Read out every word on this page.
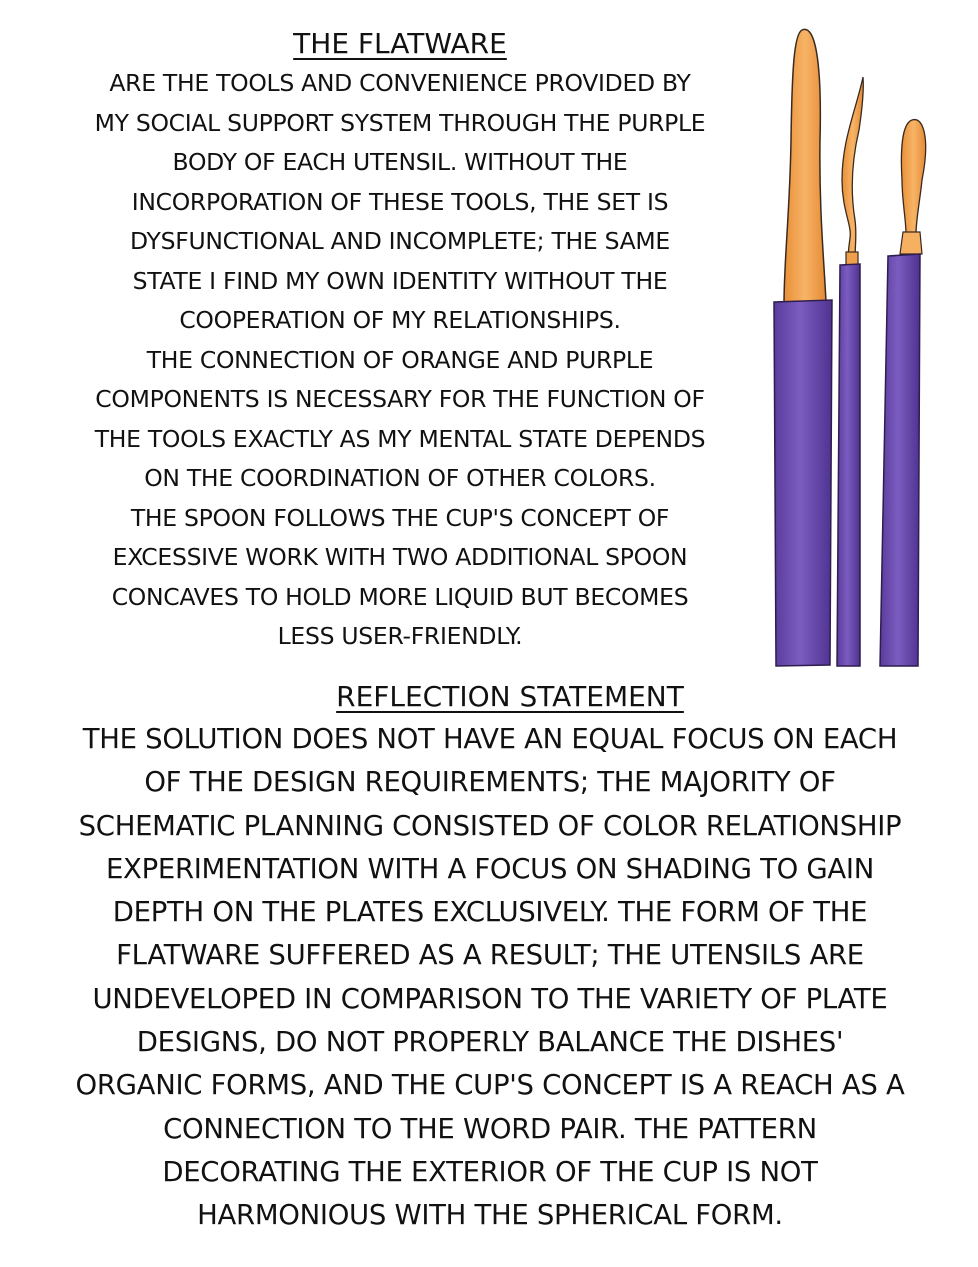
THE FLATWARE
ARE THE TOOLS AND CONVENIENCE PROVIDED BY
MY SOCIAL SUPPORT SYSTEM THROUGH THE PURPLE
BODY OF EACH UTENSIL. WITHOUT THE
INCORPORATION OF THESE TOOLS, THE SET IS
DYSFUNCTIONAL AND INCOMPLETE; THE SAME
STATE I FIND MY OWN IDENTITY WITHOUT THE
COOPERATION OF MY RELATIONSHIPS.
THE CONNECTION OF ORANGE AND PURPLE
COMPONENTS IS NECESSARY FOR THE FUNCTION OF
THE TOOLS EXACTLY AS MY MENTAL STATE DEPENDS
ON THE COORDINATION OF OTHER COLORS.
THE SPOON FOLLOWS THE CUP'S CONCEPT OF
EXCESSIVE WORK WITH TWO ADDITIONAL SPOON
CONCAVES TO HOLD MORE LIQUID BUT BECOMES
LESS USER-FRIENDLY.
REFLECTION STATEMENT
THE SOLUTION DOES NOT HAVE AN EQUAL FOCUS ON EACH
OF THE DESIGN REQUIREMENTS; THE MAJORITY OF
SCHEMATIC PLANNING CONSISTED OF COLOR RELATIONSHIP
EXPERIMENTATION WITH A FOCUS ON SHADING TO GAIN
DEPTH ON THE PLATES EXCLUSIVELY. THE FORM OF THE
FLATWARE SUFFERED AS A RESULT; THE UTENSILS ARE
UNDEVELOPED IN COMPARISON TO THE VARIETY OF PLATE
DESIGNS, DO NOT PROPERLY BALANCE THE DISHES'
ORGANIC FORMS, AND THE CUP'S CONCEPT IS A REACH AS A
CONNECTION TO THE WORD PAIR. THE PATTERN
DECORATING THE EXTERIOR OF THE CUP IS NOT
HARMONIOUS WITH THE SPHERICAL FORM.
